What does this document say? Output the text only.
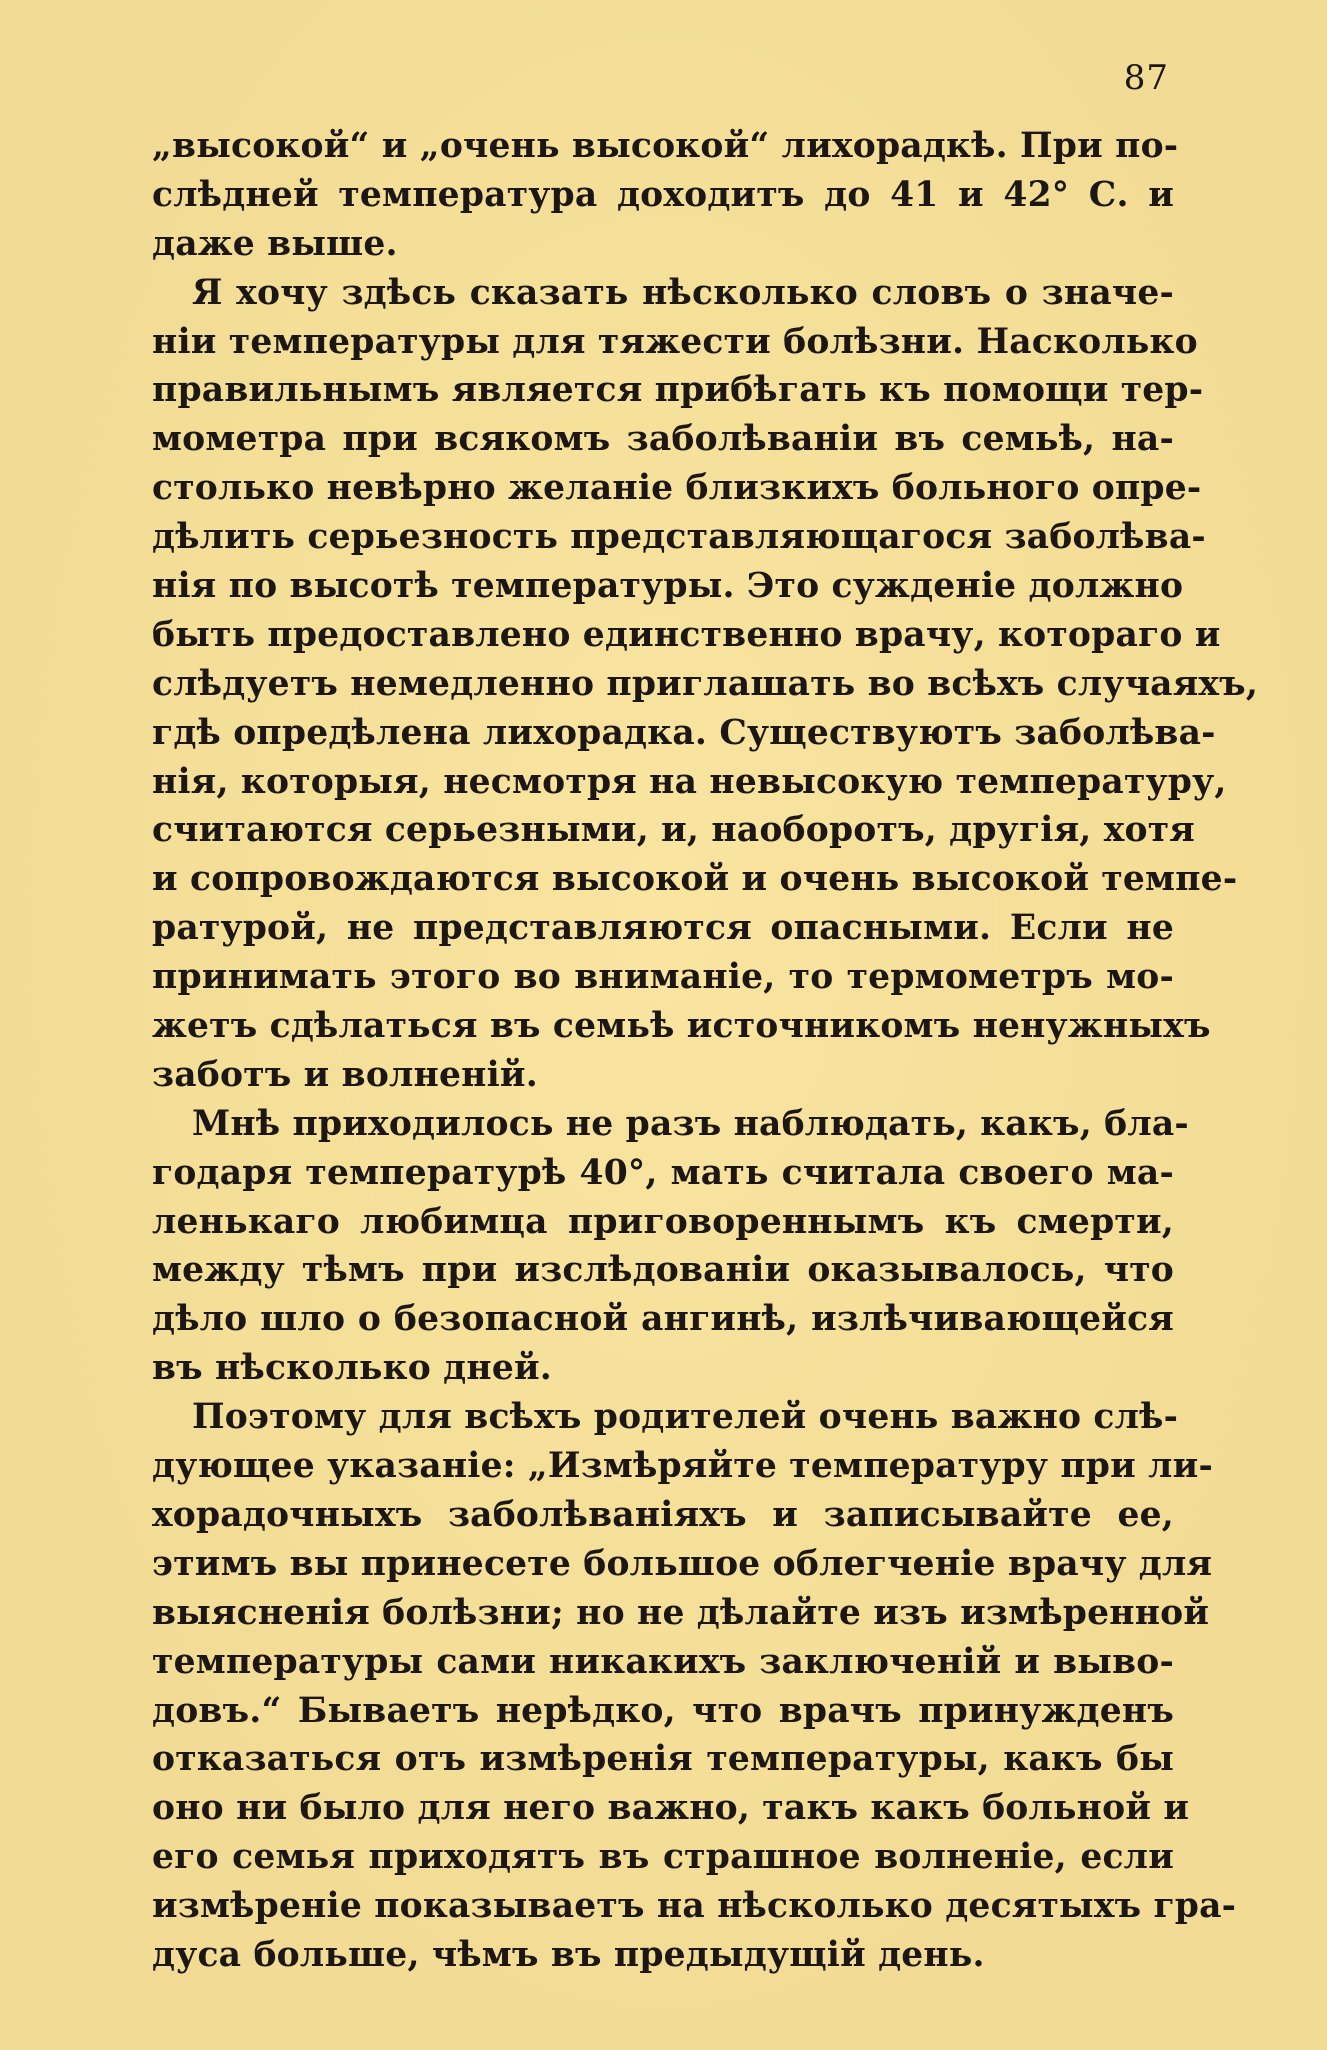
87
„высокой“ и „очень высокой“ лихорадкѣ. При по-
слѣдней температура доходитъ до 41 и 42° С. и
даже выше.
Я хочу здѣсь сказать нѣсколько словъ о значе-
нiи температуры для тяжести болѣзни. Насколько
правильнымъ является прибѣгать къ помощи тер-
мометра при всякомъ заболѣванiи въ семьѣ, на-
столько невѣрно желанiе близкихъ больного опре-
дѣлить серьезность представляющагося заболѣва-
нiя по высотѣ температуры. Это сужденiе должно
быть предоставлено единственно врачу, котораго и
слѣдуетъ немедленно приглашать во всѣхъ случаяхъ,
гдѣ опредѣлена лихорадка. Существуютъ заболѣва-
нiя, которыя, несмотря на невысокую температуру,
считаются серьезными, и, наоборотъ, другiя, хотя
и сопровождаются высокой и очень высокой темпе-
ратурой, не представляются опасными. Если не
принимать этого во вниманiе, то термометръ мо-
жетъ сдѣлаться въ семьѣ источникомъ ненужныхъ
заботъ и волненiй.
Мнѣ приходилось не разъ наблюдать, какъ, бла-
годаря температурѣ 40°, мать считала своего ма-
ленькаго любимца приговореннымъ къ смерти,
между тѣмъ при изслѣдованiи оказывалось, что
дѣло шло о безопасной ангинѣ, излѣчивающейся
въ нѣсколько дней.
Поэтому для всѣхъ родителей очень важно слѣ-
дующее указанiе: „Измѣряйте температуру при ли-
хорадочныхъ заболѣванiяхъ и записывайте ее,
этимъ вы принесете большое облегченiе врачу для
выясненiя болѣзни; но не дѣлайте изъ измѣренной
температуры сами никакихъ заключенiй и выво-
довъ.“ Бываетъ нерѣдко, что врачъ принужденъ
отказаться отъ измѣренiя температуры, какъ бы
оно ни было для него важно, такъ какъ больной и
его семья приходятъ въ страшное волненiе, если
измѣренiе показываетъ на нѣсколько десятыхъ гра-
дуса больше, чѣмъ въ предыдущiй день.
